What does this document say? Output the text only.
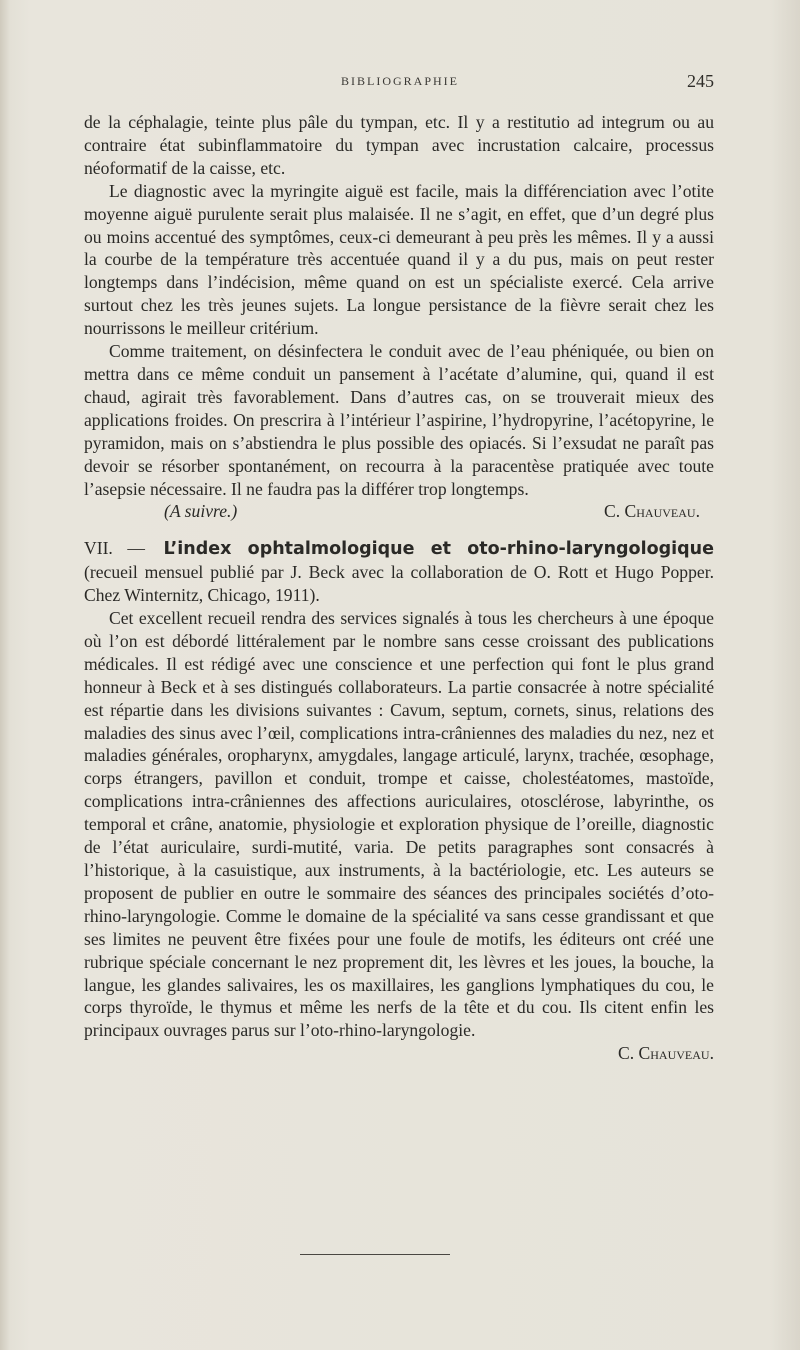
BIBLIOGRAPHIE	245

de la céphalagie, teinte plus pâle du tympan, etc. Il y a restitutio ad integrum ou au contraire état subinflammatoire du tympan avec incrustation calcaire, processus néoformatif de la caisse, etc.

Le diagnostic avec la myringite aiguë est facile, mais la différenciation avec l’otite moyenne aiguë purulente serait plus malaisée. Il ne s’agit, en effet, que d’un degré plus ou moins accentué des symptômes, ceux-ci demeurant à peu près les mêmes. Il y a aussi la courbe de la température très accentuée quand il y a du pus, mais on peut rester longtemps dans l’indécision, même quand on est un spécialiste exercé. Cela arrive surtout chez les très jeunes sujets. La longue persistance de la fièvre serait chez les nourrissons le meilleur critérium.

Comme traitement, on désinfectera le conduit avec de l’eau phéniquée, ou bien on mettra dans ce même conduit un pansement à l’acétate d’alumine, qui, quand il est chaud, agirait très favorablement. Dans d’autres cas, on se trouverait mieux des applications froides. On prescrira à l’intérieur l’aspirine, l’hydropyrine, l’acétopyrine, le pyramidon, mais on s’abstiendra le plus possible des opiacés. Si l’exsudat ne paraît pas devoir se résorber spontanément, on recourra à la paracentèse pratiquée avec toute l’asepsie nécessaire. Il ne faudra pas la différer trop longtemps.

(A suivre.)	C. Chauveau.

VII. — L’index ophtalmologique et oto-rhino-laryngologique (recueil mensuel publié par J. Beck avec la collaboration de O. Rott et Hugo Popper. Chez Winternitz, Chicago, 1911).

Cet excellent recueil rendra des services signalés à tous les chercheurs à une époque où l’on est débordé littéralement par le nombre sans cesse croissant des publications médicales. Il est rédigé avec une conscience et une perfection qui font le plus grand honneur à Beck et à ses distingués collaborateurs. La partie consacrée à notre spécialité est répartie dans les divisions suivantes : Cavum, septum, cornets, sinus, relations des maladies des sinus avec l’œil, complications intra-crâniennes des maladies du nez, nez et maladies générales, oropharynx, amygdales, langage articulé, larynx, trachée, œsophage, corps étrangers, pavillon et conduit, trompe et caisse, cholestéatomes, mastoïde, complications intra-crâniennes des affections auriculaires, otosclérose, labyrinthe, os temporal et crâne, anatomie, physiologie et exploration physique de l’oreille, diagnostic de l’état auriculaire, surdi-mutité, varia. De petits paragraphes sont consacrés à l’historique, à la casuistique, aux instruments, à la bactériologie, etc. Les auteurs se proposent de publier en outre le sommaire des séances des principales sociétés d’oto-rhino-laryngologie. Comme le domaine de la spécialité va sans cesse grandissant et que ses limites ne peuvent être fixées pour une foule de motifs, les éditeurs ont créé une rubrique spéciale concernant le nez proprement dit, les lèvres et les joues, la bouche, la langue, les glandes salivaires, les os maxillaires, les ganglions lymphatiques du cou, le corps thyroïde, le thymus et même les nerfs de la tête et du cou. Ils citent enfin les principaux ouvrages parus sur l’oto-rhino-laryngologie.

C. Chauveau.
